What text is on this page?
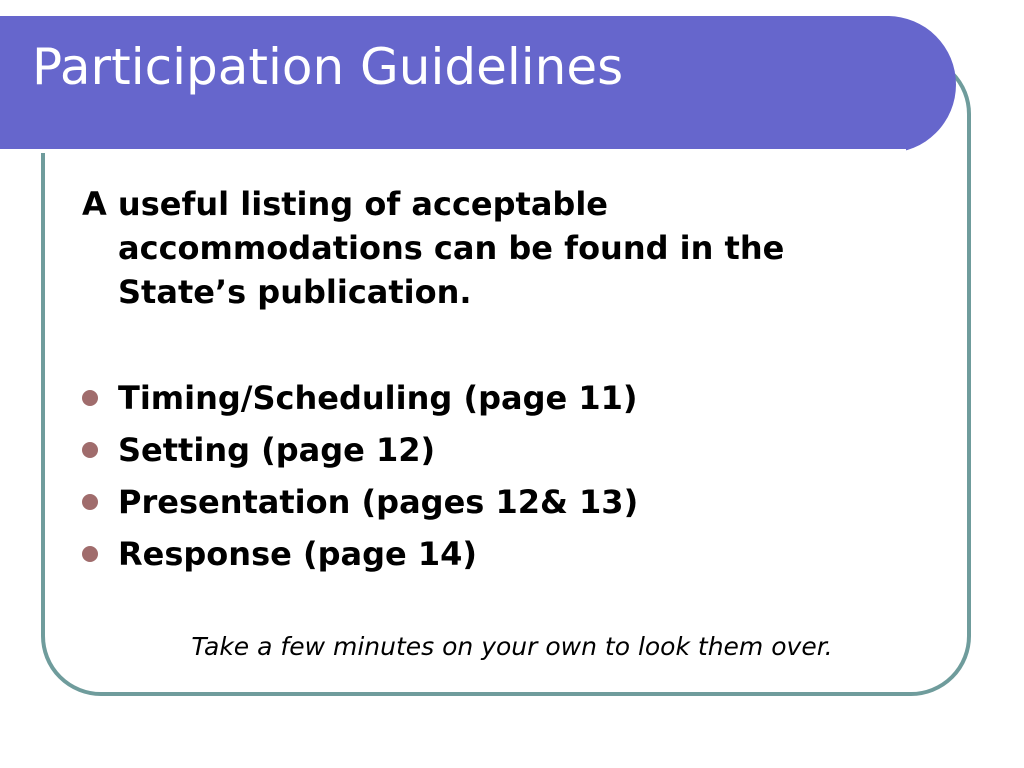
Participation Guidelines

A useful listing of acceptable accommodations can be found in the State’s publication.

Timing/Scheduling (page 11)
Setting (page 12)
Presentation (pages 12& 13)
Response (page 14)

Take a few minutes on your own to look them over.
